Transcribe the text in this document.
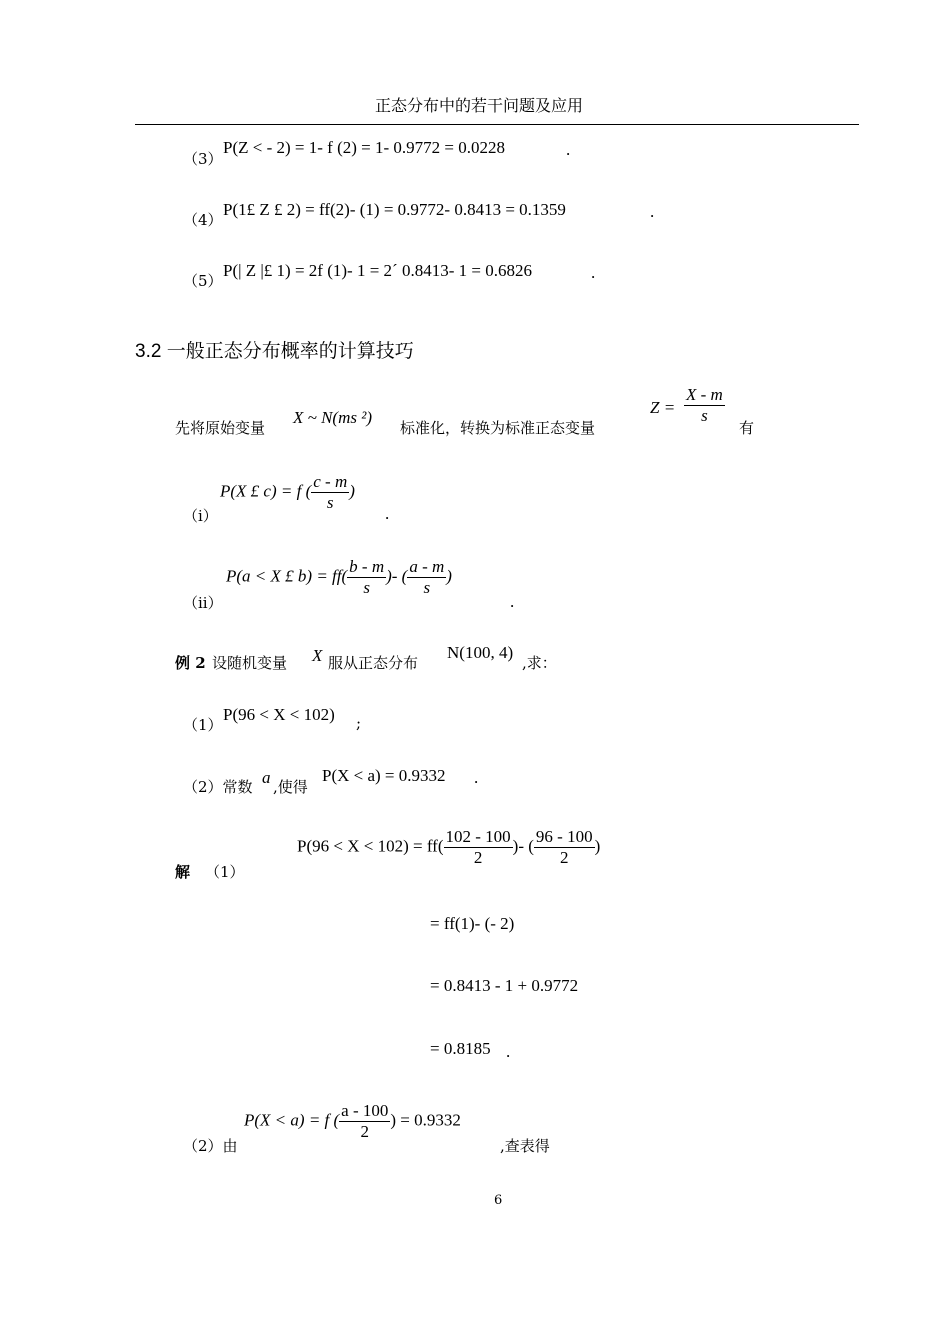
正态分布中的若干问题及应用
（3）
P(Z < - 2) = 1- f (2) = 1- 0.9772 = 0.0228	.
（4）
P(1£ Z £ 2) = ff(2)- (1) = 0.9772- 0.8413 = 0.1359	.
（5）
P(| Z |£ 1) = 2f (1)- 1 = 2´ 0.8413- 1 = 0.6826	.
3.2 一般正态分布概率的计算技巧
先将原始变量
X ~ N(ms ²)
标准化，转换为标准正态变量
$Z = \frac{X - m}{s}$
有
（i）
P(X £ c) = f ( $\frac{c - m}{s}$ )
.
（ii）
P(a < X £ $b) = ff( \frac{b - m}{s}$ )- ( $\frac{a - m}{s}$ )
.
例 2 设随机变量 X 服从正态分布
N(100, 4)
,求：
（1）
P(96 < X < 102) ;
（2）常数 a ,使得
P(X < a) = 0.9332 .
解 （1）
$P(96 < X < 102) = ff( \frac{102 - 100}{2}$ )- ( $\frac{96 - 100}{2}$ )
= ff(1)- (- 2)
= 0.8413 - 1 + 0.9772
= 0.8185 .
（2）由
P(X < a) = f ( $\frac{a - 100}{2}$ ) = 0.9332
,查表得
6
